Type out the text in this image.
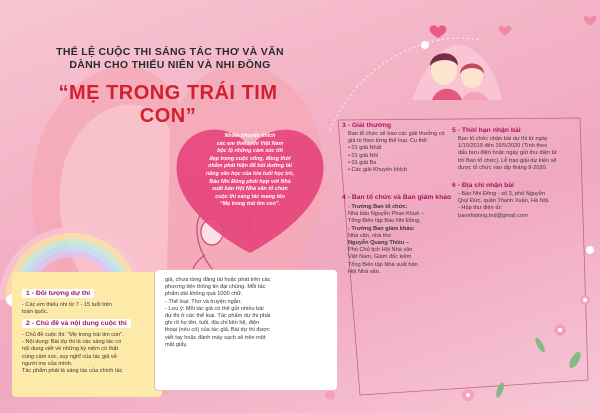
THỂ LỆ CUỘC THI SÁNG TÁC THƠ VÀ VĂN
DÀNH CHO THIẾU NIÊN VÀ NHI ĐỒNG
“MẸ TRONG TRÁI TIM CON”
Nhằm khuyến khích
các em thiếu nhi Việt Nam
bộc lộ những cảm xúc tốt
đẹp trong cuộc sống, đồng thời
nhằm phát hiện để bồi dưỡng tài
năng văn học của lứa tuổi học trò,
Báo Nhi Đồng phối hợp với Nhà
xuất bản Hội Nhà văn tổ chức
cuộc thi sáng tác mang tên
“Mẹ trong trái tim con”.
1 - Đối tượng dự thi
- Các em thiếu nhi từ 7 - 15 tuổi trên
toàn quốc.
2 - Chủ đề và nội dung cuộc thi
- Chủ đề cuộc thi: “Mẹ trong trái tim con”.
- Nội dung: Bài dự thi là các sáng tác có
nội dung viết về những kỷ niệm có thật
cùng cảm xúc, suy nghĩ của tác giả về
người mẹ của mình.
Tác phẩm phải là sáng tác của chính tác
giả, chưa từng đăng tải hoặc phát trên các
phương tiện thông tin đại chúng. Mỗi tác
phẩm dài không quá 1000 chữ.
- Thể loại: Thơ và truyện ngắn.
- Lưu ý: Mỗi tác giả có thể gửi nhiều bài
dự thi ở các thể loại. Tác phẩm dự thi phải
ghi rõ họ tên, tuổi, địa chỉ liên hệ, điện
thoại (nếu có) của tác giả. Bài dự thi được
viết tay hoặc đánh máy sạch sẽ trên một
mặt giấy.
3 - Giải thưởng
Ban tổ chức sẽ trao các giải thưởng có
giá trị theo từng thể loại. Cụ thể:
• 01 giải Nhất
• 01 giải Nhì
• 01 giải Ba
• Các giải Khuyến khích
4 - Ban tổ chức và Ban giám khảo
- Trưởng Ban tổ chức:
Nhà báo Nguyễn Phan Khuê –
Tổng Biên tập Báo Nhi Đồng.
- Trưởng Ban giám khảo:
Nhà văn, nhà thơ
Nguyễn Quang Thiều –
Phó Chủ tịch Hội Nhà văn
Việt Nam, Giám đốc kiêm
Tổng Biên tập Nhà xuất bản
Hội Nhà văn.
5 - Thời hạn nhận bài
Ban tổ chức nhận bài dự thi từ ngày
1/10/2019 đến 15/5/2020 (Tính theo
dấu bưu điện hoặc ngày gửi thư điện tử
tới Ban tổ chức). Lễ trao giải dự kiến sẽ
được tổ chức vào dịp tháng 9-2020.
6 - Địa chỉ nhận bài
- Báo Nhi Đồng - số 3, phố Nguyễn
Quý Đức, quận Thanh Xuân, Hà Nội.
- Hộp thư điện tử:
baonhidong.tnd@gmail.com
